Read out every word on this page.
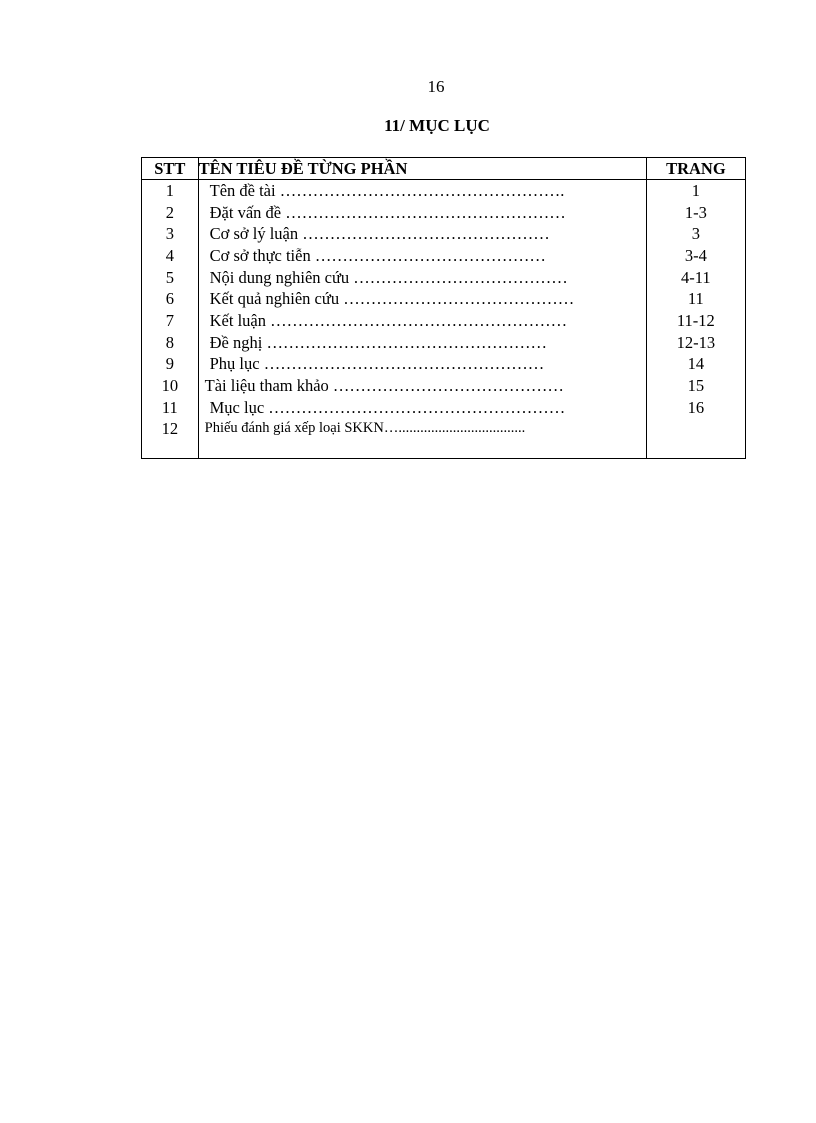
16
11/ MỤC LỤC
STT	TÊN TIÊU ĐỀ TỪNG PHẦN	TRANG
1	Tên đề tài …………………………………………….	1
2	Đặt vấn đề ……………………………………………	1-3
3	Cơ sở lý luận ………………………………………	3
4	Cơ sở thực tiễn ……………………………………	3-4
5	Nội dung nghiên cứu …………………………………	4-11
6	Kết quả nghiên cứu ……………………………………	11
7	Kết luận ………………………………………………	11-12
8	Đề nghị ……………………………………………	12-13
9	Phụ lục ……………………………………………	14
10	Tài liệu tham khảo ……………………………………	15
11	Mục lục ………………………………………………	16
12	Phiếu đánh giá xếp loại SKKN…...................................	
